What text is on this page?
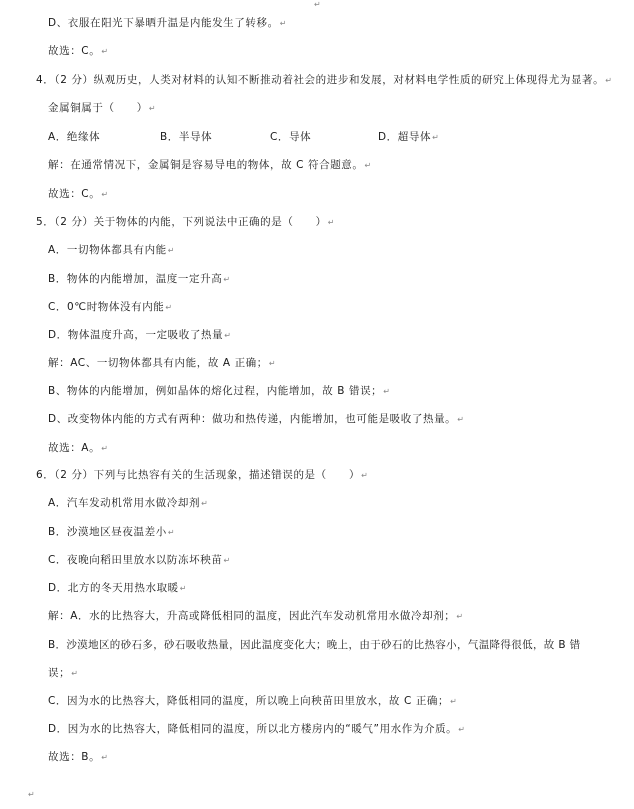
↵
D、衣服在阳光下暴晒升温是内能发生了转移。↵
故选：C。↵
4．（2 分）纵观历史，人类对材料的认知不断推动着社会的进步和发展，对材料电学性质的研究上体现得尤为显著。↵
金属铜属于（　　）↵
A．绝缘体	B．半导体	C．导体	D．超导体↵
解：在通常情况下，金属铜是容易导电的物体，故 C 符合题意。↵
故选：C。↵
5．（2 分）关于物体的内能，下列说法中正确的是（　　）↵
A．一切物体都具有内能↵
B．物体的内能增加，温度一定升高↵
C．0℃时物体没有内能↵
D．物体温度升高，一定吸收了热量↵
解：AC、一切物体都具有内能，故 A 正确；↵
B、物体的内能增加，例如晶体的熔化过程，内能增加，故 B 错误；↵
D、改变物体内能的方式有两种：做功和热传递，内能增加，也可能是吸收了热量。↵
故选：A。↵
6．（2 分）下列与比热容有关的生活现象，描述错误的是（　　）↵
A．汽车发动机常用水做冷却剂↵
B．沙漠地区昼夜温差小↵
C．夜晚向稻田里放水以防冻坏秧苗↵
D．北方的冬天用热水取暖↵
解：A．水的比热容大，升高或降低相同的温度，因此汽车发动机常用水做冷却剂；↵
B．沙漠地区的砂石多，砂石吸收热量，因此温度变化大；晚上，由于砂石的比热容小，气温降得很低，故 B 错
误；↵
C．因为水的比热容大，降低相同的温度，所以晚上向秧苗田里放水，故 C 正确；↵
D．因为水的比热容大，降低相同的温度，所以北方楼房内的“暖气”用水作为介质。↵
故选：B。↵
↵
